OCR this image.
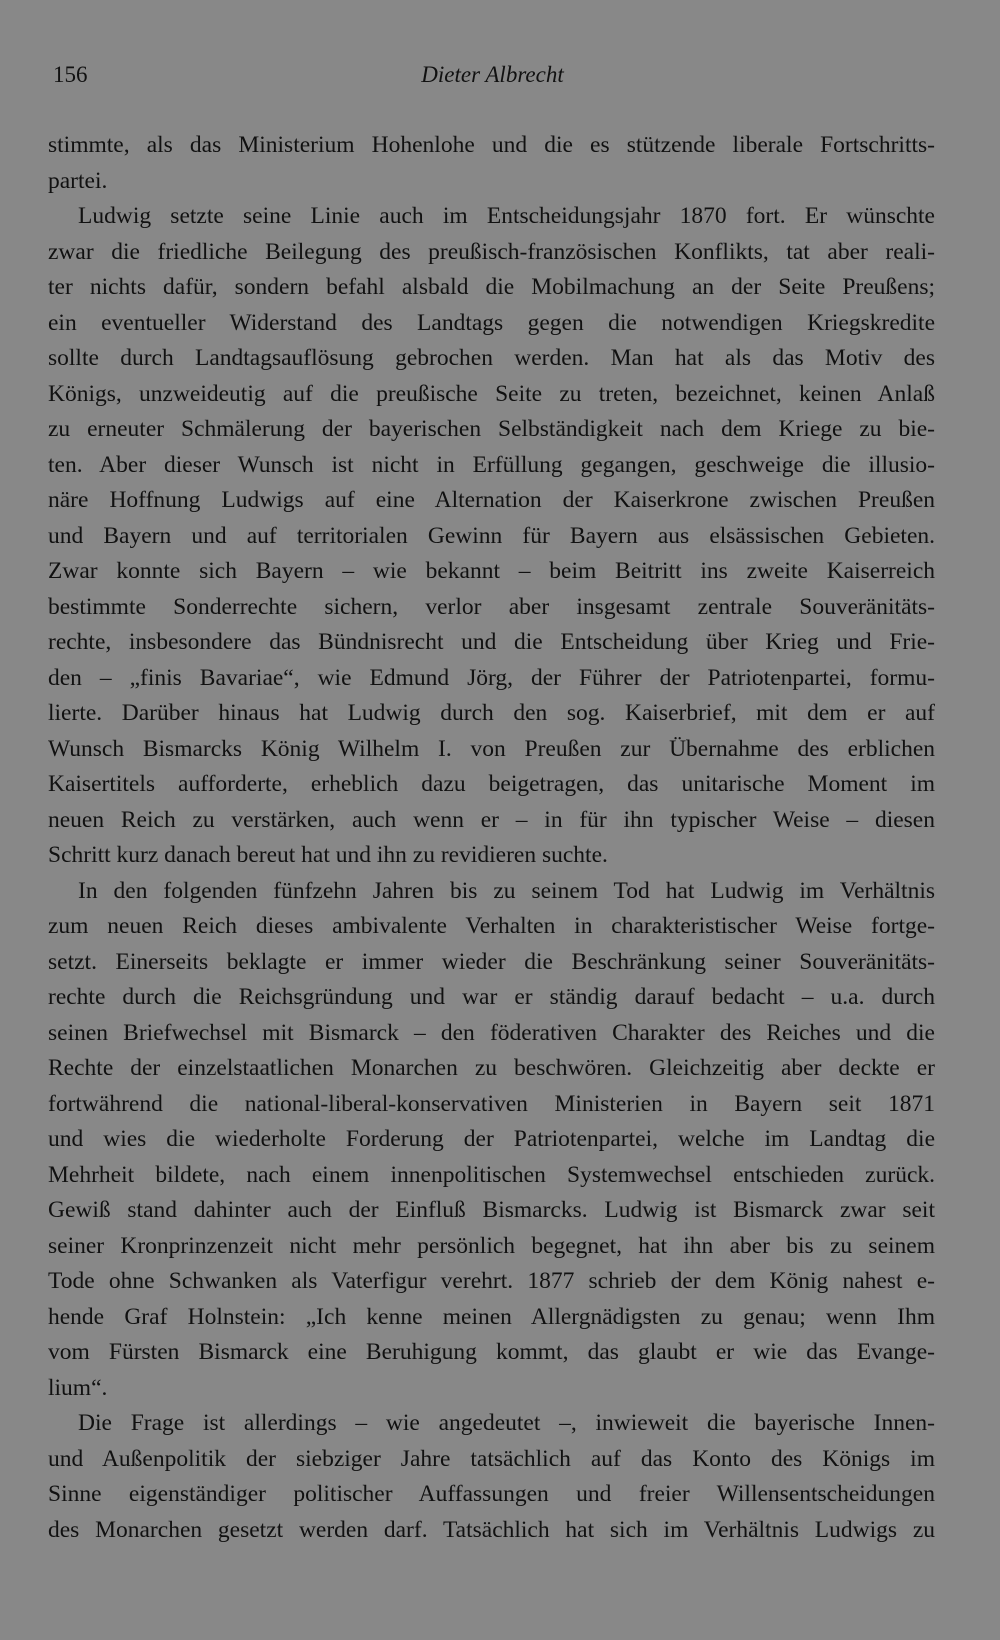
156	Dieter Albrecht
stimmte, als das Ministerium Hohenlohe und die es stützende liberale Fortschritts-
partei.
Ludwig setzte seine Linie auch im Entscheidungsjahr 1870 fort. Er wünschte
zwar die friedliche Beilegung des preußisch-französischen Konflikts, tat aber reali-
ter nichts dafür, sondern befahl alsbald die Mobilmachung an der Seite Preußens;
ein eventueller Widerstand des Landtags gegen die notwendigen Kriegskredite
sollte durch Landtagsauflösung gebrochen werden. Man hat als das Motiv des
Königs, unzweideutig auf die preußische Seite zu treten, bezeichnet, keinen Anlaß
zu erneuter Schmälerung der bayerischen Selbständigkeit nach dem Kriege zu bie-
ten. Aber dieser Wunsch ist nicht in Erfüllung gegangen, geschweige die illusio-
näre Hoffnung Ludwigs auf eine Alternation der Kaiserkrone zwischen Preußen
und Bayern und auf territorialen Gewinn für Bayern aus elsässischen Gebieten.
Zwar konnte sich Bayern – wie bekannt – beim Beitritt ins zweite Kaiserreich
bestimmte Sonderrechte sichern, verlor aber insgesamt zentrale Souveränitäts-
rechte, insbesondere das Bündnisrecht und die Entscheidung über Krieg und Frie-
den – „finis Bavariae“, wie Edmund Jörg, der Führer der Patriotenpartei, formu-
lierte. Darüber hinaus hat Ludwig durch den sog. Kaiserbrief, mit dem er auf
Wunsch Bismarcks König Wilhelm I. von Preußen zur Übernahme des erblichen
Kaisertitels aufforderte, erheblich dazu beigetragen, das unitarische Moment im
neuen Reich zu verstärken, auch wenn er – in für ihn typischer Weise – diesen
Schritt kurz danach bereut hat und ihn zu revidieren suchte.
In den folgenden fünfzehn Jahren bis zu seinem Tod hat Ludwig im Verhältnis
zum neuen Reich dieses ambivalente Verhalten in charakteristischer Weise fortge-
setzt. Einerseits beklagte er immer wieder die Beschränkung seiner Souveränitäts-
rechte durch die Reichsgründung und war er ständig darauf bedacht – u.a. durch
seinen Briefwechsel mit Bismarck – den föderativen Charakter des Reiches und die
Rechte der einzelstaatlichen Monarchen zu beschwören. Gleichzeitig aber deckte er
fortwährend die national-liberal-konservativen Ministerien in Bayern seit 1871
und wies die wiederholte Forderung der Patriotenpartei, welche im Landtag die
Mehrheit bildete, nach einem innenpolitischen Systemwechsel entschieden zurück.
Gewiß stand dahinter auch der Einfluß Bismarcks. Ludwig ist Bismarck zwar seit
seiner Kronprinzenzeit nicht mehr persönlich begegnet, hat ihn aber bis zu seinem
Tode ohne Schwanken als Vaterfigur verehrt. 1877 schrieb der dem König nahest e-
hende Graf Holnstein: „Ich kenne meinen Allergnädigsten zu genau; wenn Ihm
vom Fürsten Bismarck eine Beruhigung kommt, das glaubt er wie das Evange-
lium“.
Die Frage ist allerdings – wie angedeutet –, inwieweit die bayerische Innen-
und Außenpolitik der siebziger Jahre tatsächlich auf das Konto des Königs im
Sinne eigenständiger politischer Auffassungen und freier Willensentscheidungen
des Monarchen gesetzt werden darf. Tatsächlich hat sich im Verhältnis Ludwigs zu
